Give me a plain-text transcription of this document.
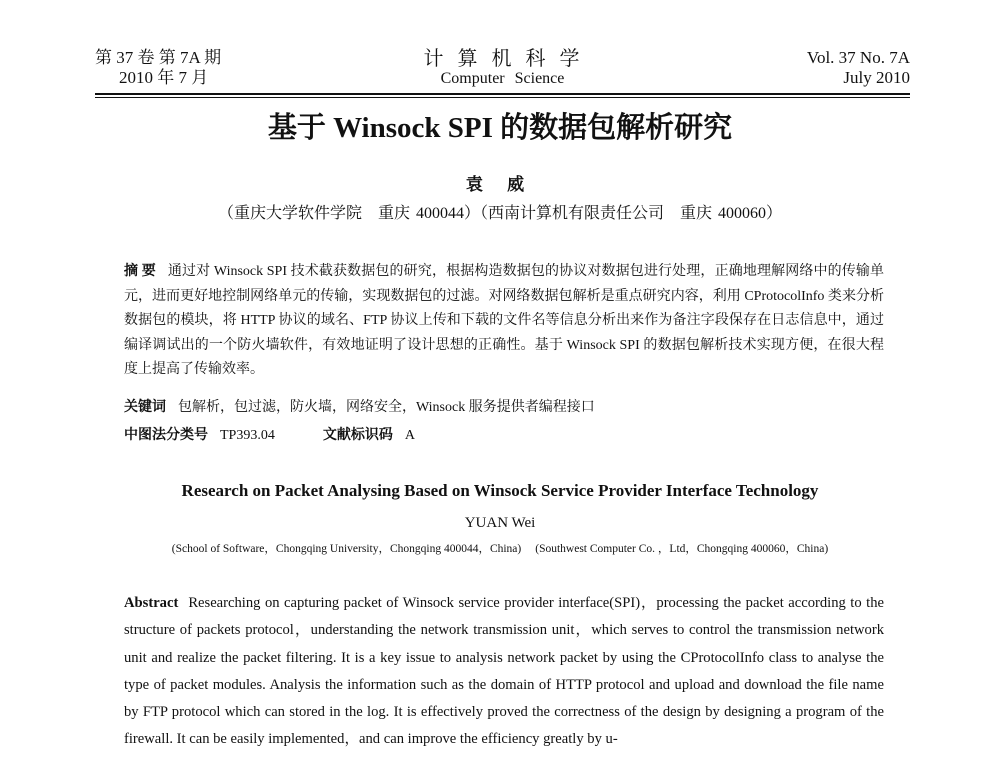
第 37 卷 第 7A 期
2010 年 7 月
计算机科学
Computer Science
Vol. 37 No. 7A
July 2010
基于 Winsock SPI 的数据包解析研究
袁 威
（重庆大学软件学院　重庆 400044）（西南计算机有限责任公司　重庆 400060）
摘 要 通过对 Winsock SPI 技术截获数据包的研究，根据构造数据包的协议对数据包进行处理，正确地理解网络中的传输单元，进而更好地控制网络单元的传输，实现数据包的过滤。对网络数据包解析是重点研究内容，利用 CProtocolInfo 类来分析数据包的模块，将 HTTP 协议的域名、FTP 协议上传和下载的文件名等信息分析出来作为备注字段保存在日志信息中，通过编译调试出的一个防火墙软件，有效地证明了设计思想的正确性。基于 Winsock SPI 的数据包解析技术实现方便，在很大程度上提高了传输效率。
关键词 包解析，包过滤，防火墙，网络安全，Winsock 服务提供者编程接口
中图法分类号 TP393.04	文献标识码 A
Research on Packet Analysing Based on Winsock Service Provider Interface Technology
YUAN Wei
(School of Software，Chongqing University，Chongqing 400044，China) (Southwest Computer Co. ，Ltd，Chongqing 400060，China)
Abstract Researching on capturing packet of Winsock service provider interface(SPI)，processing the packet according to the structure of packets protocol，understanding the network transmission unit，which serves to control the transmission network unit and realize the packet filtering. It is a key issue to analysis network packet by using the CProtocolInfo class to analyse the type of packet modules. Analysis the information such as the domain of HTTP protocol and upload and download the file name by FTP protocol which can stored in the log. It is effectively proved the correctness of the design by designing a program of the firewall. It can be easily implemented，and can improve the efficiency greatly by u-
